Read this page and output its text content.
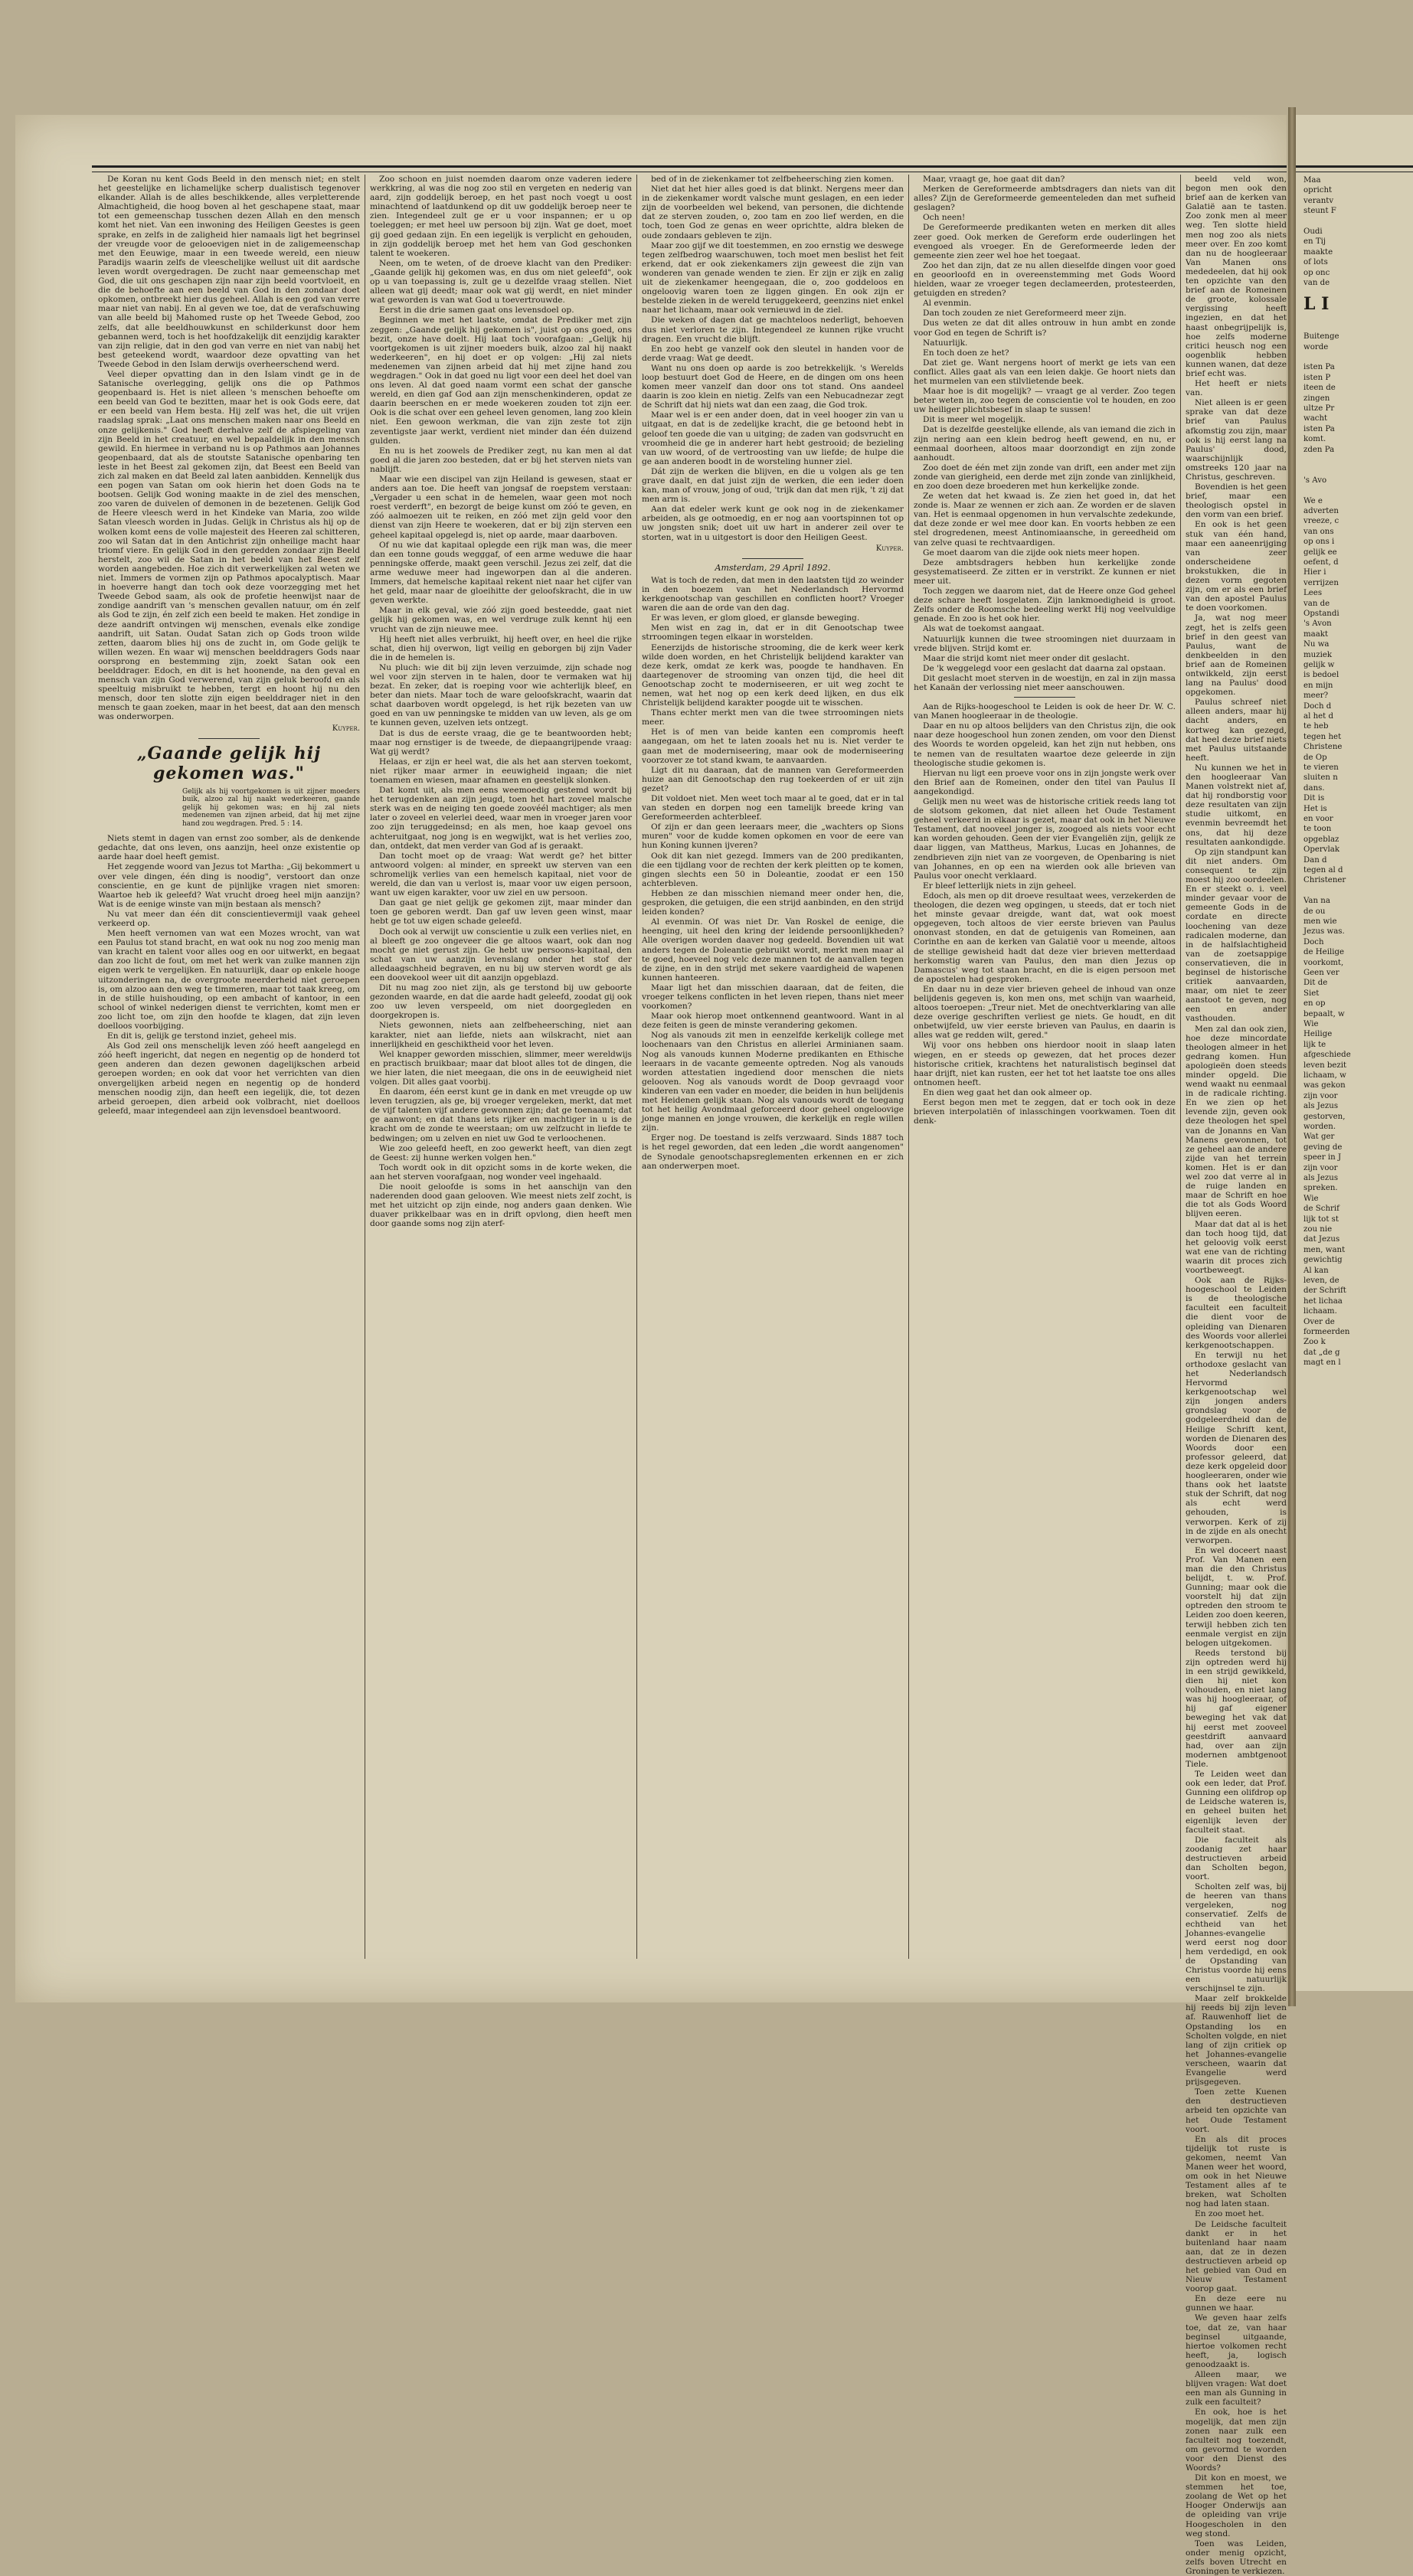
Maa
opricht
verantv
steunt F
Oudi
en Tij
maakte
of lots
op onc
van de
L I
Buitenge
worde
isten Pa
isten P
iteen de
zingen
ultze Pr
wacht
isten Pa
komt.
zden Pa
's Avo
We e
adverten
vreeze, c
van ons
op ons i
gelijk ee
oefent, d
Hier i
verrijzen
Lees
van de
Opstandi
's Avon
maakt
Nu wa
muziek
gelijk w
is bedoel
en mijn
meer?
Doch d
al het d
te heb
tegen het
Christene
de Op
te vieren
sluiten n
dans.
Dit is
Het is
en voor
te toon
opgeblaz
Opervlak
Dan d
tegen al d
Christener
Van na
de ou
men wie
Jezus was.
Doch
de Heilige
voorkomt,
Geen ver
Dit de
Siet
en op
bepaalt, w
Wie
Heilige
lijk te
afgeschiede
leven bezit
lichaam, w
was gekon
zijn voor
als Jezus
gestorven,
worden.
Wat ger
geving de
speer in J
zijn voor
als Jezus
spreken.
Wie
de Schrif
lijk tot st
zou nie
dat Jezus
men, want
gewichtig
Al kan
leven, de
der Schrift
het lichaa
lichaam.
Over de
formeerden
Zoo k
dat „de g
magt en l

De Koran nu kent Gods Beeld in den mensch niet; en stelt het geestelijke en lichamelijke scherp dualistisch tegenover elkander. Allah is de alles beschikkende, alles verpletterende Almachtigheid, die hoog boven al het geschapene staat, maar tot een gemeenschap tusschen dezen Allah en den mensch komt het niet. Van een inwoning des Heiligen Geestes is geen sprake, en zelfs in de zaligheid hier namaals ligt het begrinsel der vreugde voor de gelooevigen niet in de zaligemeenschap met den Eeuwige, maar in een tweede wereld, een nieuw Paradijs waarin zelfs de vleeschelijke wellust uit dit aardsche leven wordt overgedragen. De zucht naar gemeenschap met God, die uit ons geschapen zijn naar zijn beeld voortvloeit, en die de behoefte aan een beeld van God in den zondaar doet opkomen, ontbreekt hier dus geheel. Allah is een god van verre maar niet van nabij. En al geven we toe, dat de verafschuwing van alle beeld bij Mahomed ruste op het Tweede Gebod, zoo zelfs, dat alle beeldhouwkunst en schilderkunst door hem gebannen werd, toch is het hoofdzakelijk dit eenzijdig karakter van zijn religie, dat in den god van verre en niet van nabij het best geteekend wordt, waardoor deze opvatting van het Tweede Gebod in den Islam derwijs overheerschend werd.

Veel dieper opvatting dan in den Islam vindt ge in de Satanische overlegging, gelijk ons die op Pathmos geopenbaard is. Het is niet alleen 's menschen behoefte om een beeld van God te bezitten, maar het is ook Gods eere, dat er een beeld van Hem besta. Hij zelf was het, die uit vrijen raadslag sprak: „Laat ons menschen maken naar ons Beeld en onze gelijkenis." God heeft derhalve zelf de afspiegeling van zijn Beeld in het creatuur, en wel bepaaldelijk in den mensch gewild. En hiermee in verband nu is op Pathmos aan Johannes geopenbaard, dat als de stoutste Satanische openbaring ten leste in het Beest zal gekomen zijn, dat Beest een Beeld van zich zal maken en dat Beeld zal laten aanbidden. Kennelijk dus een pogen van Satan om ook hierin het doen Gods na te bootsen. Gelijk God woning maakte in de ziel des menschen, zoo varen de duivelen of demonen in de bezetenen. Gelijk God de Heere vleesch werd in het Kindeke van Maria, zoo wilde Satan vleesch worden in Judas. Gelijk in Christus als hij op de wolken komt eens de volle majesteit des Heeren zal schitteren, zoo wil Satan dat in den Antichrist zijn onheilige macht haar triomf viere. En gelijk God in den geredden zondaar zijn Beeld herstelt, zoo wil de Satan in het beeld van het Beest zelf worden aangebeden. Hoe zich dit verwerkelijken zal weten we niet. Immers de vormen zijn op Pathmos apocalyptisch. Maar in hoeverre hangt dan toch ook deze voorzegging met het Tweede Gebod saam, als ook de profetie heenwijst naar de zondige aandrift van 's menschen gevallen natuur, om én zelf als God te zijn, én zelf zich een beeld te maken. Het zondige in deze aandrift ontvingen wij menschen, evenals elke zondige aandrift, uit Satan. Oudat Satan zich op Gods troon wilde zetten, daarom blies hij ons de zucht in, om Gode gelijk te willen wezen. En waar wij menschen beelddragers Gods naar oorsprong en bestemming zijn, zoekt Satan ook een beelddrager. Edoch, en dit is het hoonende, na den geval en mensch van zijn God verwerend, van zijn geluk beroofd en als speeltuig misbruikt te hebben, tergt en hoont hij nu den mensch, door ten slotte zijn eigen beelddrager niet in den mensch te gaan zoeken, maar in het beest, dat aan den mensch was onderworpen.

Kuyper.

„Gaande gelijk hij gekomen was."
Gelijk als hij voortgekomen is uit zijner moeders buik, alzoo zal hij naakt wederkeeren, gaande gelijk hij gekomen was; en hij zal niets medenemen van zijnen arbeid, dat hij met zijne hand zou wegdragen. Pred. 5 : 14.

Niets stemt in dagen van ernst zoo somber, als de denkende gedachte, dat ons leven, ons aanzijn, heel onze existentie op aarde haar doel heeft gemist.

Het zeggende woord van Jezus tot Martha: „Gij bekommert u over vele dingen, één ding is noodig", verstoort dan onze conscientie, en ge kunt de pijnlijke vragen niet smoren: Waartoe heb ik geleefd? Wat vrucht droeg heel mijn aanzijn? Wat is de eenige winste van mijn bestaan als mensch?

Nu vat meer dan één dit conscientievermijl vaak geheel verkeerd op.

Men heeft vernomen van wat een Mozes wrocht, van wat een Paulus tot stand bracht, en wat ook nu nog zoo menig man van kracht en talent voor alles oog en oor uitwerkt, en begaat dan zoo licht de fout, om met het werk van zulke mannen zijn eigen werk te vergelijken. En natuurlijk, daar op enkele hooge uitzonderingen na, de overgroote meerderheid niet geroepen is, om alzoo aan den weg te timmeren, maar tot taak kreeg, om in de stille huishouding, op een ambacht of kantoor, in een school of winkel nederigen dienst te verrichten, komt men er zoo licht toe, om zijn den hoofde te klagen, dat zijn leven doelloos voorbijging.

En dit is, gelijk ge terstond inziet, geheel mis.

Als God zeil ons menschelijk leven zóó heeft aangelegd en zóó heeft ingericht, dat negen en negentig op de honderd tot geen anderen dan dezen gewonen dagelijkschen arbeid geroepen worden; en ook dat voor het verrichten van dien onvergelijken arbeid negen en negentig op de honderd menschen noodig zijn, dan heeft een iegelijk, die, tot dezen arbeid geroepen, dien arbeid ook volbracht, niet doelloos geleefd, maar integendeel aan zijn levensdoel beantwoord.

Zoo schoon en juist noemden daarom onze vaderen iedere werkkring, al was die nog zoo stil en vergeten en nederig van aard, zijn goddelijk beroep, en het past noch voegt u oost minachtend of laatdunkend op dit uw goddelijk beroep neer te zien. Integendeel zult ge er u voor inspannen; er u op toeleggen; er met heel uw persoon bij zijn. Wat ge doet, moet gij goed gedaan zijn. En een iegelijk is verplicht en gehouden, in zijn goddelijk beroep met het hem van God geschonken talent te woekeren.

Neen, om te weten, of de droeve klacht van den Prediker: „Gaande gelijk hij gekomen was, en dus om niet geleefd", ook op u van toepassing is, zult ge u dezelfde vraag stellen. Niet alleen wat gij deedt; maar ook wat gij werdt, en niet minder wat geworden is van wat God u toevertrouwde.

Eerst in die drie samen gaat ons levensdoel op.

Beginnen we met het laatste, omdat de Prediker met zijn zeggen: „Gaande gelijk hij gekomen is", juist op ons goed, ons bezit, onze have doelt. Hij laat toch voorafgaan: „Gelijk hij voortgekomen is uit zijner moeders buik, alzoo zal hij naakt wederkeeren", en hij doet er op volgen: „Hij zal niets medenemen van zijnen arbeid dat hij met zijne hand zou wegdragen." Ook in dat goed nu ligt voor een deel het doel van ons leven. Al dat goed naam vormt een schat der gansche wereld, en dien gaf God aan zijn menschenkinderen, opdat ze daarin beerschen en er mede woekeren zouden tot zijn eer. Ook is die schat over een geheel leven genomen, lang zoo klein niet. Een gewoon werkman, die van zijn zeste tot zijn zeventigste jaar werkt, verdient niet minder dan één duizend gulden.

En nu is het zoowels de Prediker zegt, nu kan men al dat goed al die jaren zoo besteden, dat er bij het sterven niets van nablijft.

Maar wie een discipel van zijn Heiland is gewesen, staat er anders aan toe. Die heeft van jongsaf de roepstem verstaan: „Vergader u een schat in de hemelen, waar geen mot noch roest verderft", en bezorgt de beige kunst om zóó te geven, en zóó aalmoezen uit te reiken, en zóó met zijn geld voor den dienst van zijn Heere te woekeren, dat er bij zijn sterven een geheel kapitaal opgelegd is, niet op aarde, maar daarboven.

Of nu wie dat kapitaal oplegde een rijk man was, die meer dan een tonne gouds wegggaf, of een arme weduwe die haar penningske offerde, maakt geen verschil. Jezus zei zelf, dat die arme weduwe meer had ingeworpen dan al die anderen. Immers, dat hemelsche kapitaal rekent niet naar het cijfer van het geld, maar naar de gloeihitte der geloofskracht, die in uw geven werkte.

Maar in elk geval, wie zóó zijn goed besteedde, gaat niet gelijk hij gekomen was, en wel verdruge zulk kennt hij een vrucht van de zijn nieuwe mee.

Hij heeft niet alles verbruikt, hij heeft over, en heel die rijke schat, dien hij overwon, ligt veilig en geborgen bij zijn Vader die in de hemelen is.

Nu pluch: wie dit bij zijn leven verzuimde, zijn schade nog wel voor zijn sterven in te halen, door te vermaken wat hij bezat. En zeker, dat is roeping voor wie achterlijk bleef, en beter dan niets. Maar toch de ware geloofskracht, waarin dat schat daarboven wordt opgelegd, is het rijk bezeten van uw goed en van uw penningske te midden van uw leven, als ge om te kunnen geven, uzelven iets ontzegt.

Dat is dus de eerste vraag, die ge te beantwoorden hebt; maar nog ernstiger is de tweede, de diepaangrijpende vraag: Wat gij werdt?

Helaas, er zijn er heel wat, die als het aan sterven toekomt, niet rijker maar armer in eeuwigheid ingaan; die niet toenamen en wiesen, maar afnamen en geestelijk slonken.

Dat komt uit, als men eens weemoedig gestemd wordt bij het terugdenken aan zijn jeugd, toen het hart zoveel malsche sterk was en de neiging ten goede zoovéél machtiger; als men later o zoveel en velerlei deed, waar men in vroeger jaren voor zoo zijn teruggedeinsd; en als men, hoe kaap gevoel ons achteruitgaat, nog jong is en wegwijkt, wat is het verlies zoo, dan, ontdekt, dat men verder van God af is geraakt.

Dan tocht moet op de vraag: Wat werdt ge? het bitter antwoord volgen: al minder, en spreekt uw sterven van een schromelijk verlies van een hemelsch kapitaal, niet voor de wereld, die dan van u verlost is, maar voor uw eigen persoon, want uw eigen karakter, voor uw ziel en uw persoon.

Dan gaat ge niet gelijk ge gekomen zijt, maar minder dan toen ge geboren werdt. Dan gaf uw leven geen winst, maar hebt ge tot uw eigen schade geleefd.

Doch ook al verwijt uw conscientie u zulk een verlies niet, en al bleeft ge zoo ongeveer die ge altoos waart, ook dan nog mocht ge niet gerust zijn. Ge hebt uw persoons-kapitaal, den schat van uw aanzijn levenslang onder het stof der alledaagschheid begraven, en nu bij uw sterven wordt ge als een doovekool weer uit dit aanzijn opgeblazd.

Dit nu mag zoo niet zijn, als ge terstond bij uw geboorte gezonden waarde, en dat die aarde hadt geleefd, zoodat gij ook zoo uw leven verspeeld, om niet doorgegleden en doorgekropen is.

Niets gewonnen, niets aan zelfbeheersching, niet aan karakter, niet aan liefde, niets aan wilskracht, niet aan innerlijkheid en geschiktheid voor het leven.

Wel knapper geworden misschien, slimmer, meer wereldwijs en practisch bruikbaar; maar dat bloot alles tot de dingen, die we hier laten, die niet meegaan, die ons in de eeuwigheid niet volgen. Dit alles gaat voorbij.

En daarom, één eerst kunt ge in dank en met vreugde op uw leven terugzien, als ge, bij vroeger vergeleken, merkt, dat met de vijf talenten vijf andere gewonnen zijn; dat ge toenaamt; dat ge aanwont; en dat thans iets rijker en machtiger in u is de kracht om de zonde te weerstaan; om uw zelfzucht in liefde te bedwingen; om u zelven en niet uw God te verloochenen.

Wie zoo geleefd heeft, en zoo gewerkt heeft, van dien zegt de Geest: zij hunne werken volgen hen."

Toch wordt ook in dit opzicht soms in de korte weken, die aan het sterven voorafgaan, nog wonder veel ingehaald.

Die nooit geloofde is soms in het aanschijn van den naderenden dood gaan gelooven. Wie meest niets zelf zocht, is met het uitzicht op zijn einde, nog anders gaan denken. Wie duaver prikkelbaar was en in drift opvlong, dien heeft men door gaande soms nog zijn aterf-

bed of in de ziekenkamer tot zelfbeheersching zien komen.

Niet dat het hier alles goed is dat blinkt. Nergens meer dan in de ziekenkamer wordt valsche munt geslagen, en een ieder zijn de voorbeelden wel bekend, van personen, die dichtende dat ze sterven zouden, o, zoo tam en zoo lief werden, en die toch, toen God ze genas en weer oprichtte, aldra bleken de oude zondaars gebleven te zijn.

Maar zoo gijf we dit toestemmen, en zoo ernstig we deswege tegen zelfbedrog waarschuwen, toch moet men beslist het feit erkend, dat er ook ziekenkamers zijn geweest die zijn van wonderen van genade wenden te zien. Er zijn er zijk en zalig uit de ziekenkamer heengegaan, die o, zoo goddeloos en ongeloovig waren toen ze liggen gingen. En ook zijn er bestelde zieken in de wereld teruggekeerd, geenzins niet enkel naar het lichaam, maar ook vernieuwd in de ziel.

Die weken of dagen dat ge machteloos nederligt, behoeven dus niet verloren te zijn. Integendeel ze kunnen rijke vrucht dragen. Een vrucht die blijft.

En zoo hebt ge vanzelf ook den sleutel in handen voor de derde vraag: Wat ge deedt.

Want nu ons doen op aarde is zoo betrekkelijk. 's Werelds loop bestuurt doet God de Heere, en de dingen om ons heen komen meer vanzelf dan door ons tot stand. Ons aandeel daarin is zoo klein en nietig. Zelfs van een Nebucadnezar zegt de Schrift dat hij niets wat dan een zaag, die God trok.

Maar wel is er een ander doen, dat in veel hooger zin van u uitgaat, en dat is de zedelijke kracht, die ge betoond hebt in geloof ten goede die van u uitging; de zaden van godsvrucht en vroomheid die ge in anderer hart hebt gestrooid; de bezieling van uw woord, of de vertroosting van uw liefde; de hulpe die ge aan anderen boodt in de worsteling hunner ziel.

Dát zijn de werken die blijven, en die u volgen als ge ten grave daalt, en dat juist zijn de werken, die een ieder doen kan, man of vrouw, jong of oud, 'trijk dan dat men rijk, 't zij dat men arm is.

Aan dat edeler werk kunt ge ook nog in de ziekenkamer arbeiden, als ge ootmoedig, en er nog aan voortspinnen tot op uw jongsten snik; doet uit uw hart in anderer zeil over te storten, wat in u uitgestort is door den Heiligen Geest.

Kuyper.

Amsterdam, 29 April 1892.

Wat is toch de reden, dat men in den laatsten tijd zo weinder in den boezem van het Nederlandsch Hervormd kerkgenootschap van geschillen en conflicten hoort? Vroeger waren die aan de orde van den dag.

Er was leven, er glom gloed, er glansde beweging.

Men wist en zag in, dat er in dit Genootschap twee strroomingen tegen elkaar in worstelden.

Eenerzijds de historische strooming, die de kerk weer kerk wilde doen worden, en het Christelijk belijdend karakter van deze kerk, omdat ze kerk was, poogde te handhaven. En daartegenover de strooming van onzen tijd, die heel dit Genootschap zocht te moderniseeren, er uit weg zocht te nemen, wat het nog op een kerk deed lijken, en dus elk Christelijk belijdend karakter poogde uit te wisschen.

Thans echter merkt men van die twee strroomingen niets meer.

Het is of men van beide kanten een compromis heeft aangegaan, om het te laten zooals het nu is. Niet verder te gaan met de moderniseering, maar ook de moderniseering voorzover ze tot stand kwam, te aanvaarden.

Ligt dit nu daaraan, dat de mannen van Gereformeerden huize aan dit Genootschap den rug toekeerden of er uit zijn gezet?

Dit voldoet niet. Men weet toch maar al te goed, dat er in tal van steden en dorpen nog een tamelijk breede kring van Gereformeerden achterbleef.

Of zijn er dan geen leeraars meer, die „wachters op Sions muren" voor de kudde komen opkomen en voor de eere van hun Koning kunnen ijveren?

Ook dit kan niet gezegd. Immers van de 200 predikanten, die een tijdlang voor de rechten der kerk pleitten op te komen, gingen slechts een 50 in Doleantie, zoodat er een 150 achterbleven.

Hebben ze dan misschien niemand meer onder hen, die, gesproken, die getuigen, die een strijd aanbinden, en den strijd leiden konden?

Al evenmin. Of was niet Dr. Van Roskel de eenige, die heenging, uit heel den kring der leidende persoonlijkheden? Alle overigen worden daaver nog gedeeld. Bovendien uit wat anders tegen de Doleantie gebruikt wordt, merkt men maar al te goed, hoeveel nog velc deze mannen tot de aanvallen tegen de zijne, en in den strijd met sekere vaardigheid de wapenen kunnen hanteeren.

Maar ligt het dan misschien daaraan, dat de feiten, die vroeger telkens conflicten in het leven riepen, thans niet meer voorkomen?

Maar ook hierop moet ontkennend geantwoord. Want in al deze feiten is geen de minste verandering gekomen.

Nog als vanouds zit men in eenzelfde kerkelijk college met loochenaars van den Christus en allerlei Arminianen saam. Nog als vanouds kunnen Moderne predikanten en Ethische leeraars in de vacante gemeente optreden. Nog als vanouds worden attestatien ingediend door menschen die niets gelooven. Nog als vanouds wordt de Doop gevraagd voor kinderen van een vader en moeder, die beiden in hun belijdenis met Heidenen gelijk staan. Nog als vanouds wordt de toegang tot het heilig Avondmaal geforceerd door geheel ongeloovige jonge mannen en jonge vrouwen, die kerkelijk en regle willen zijn.

Erger nog. De toestand is zelfs verzwaard. Sinds 1887 toch is het regel geworden, dat een leden „die wordt aangenomen" de Synodale genootschapsreglementen erkennen en er zich aan onderwerpen moet.

Maar, vraagt ge, hoe gaat dit dan?

Merken de Gereformeerde ambtsdragers dan niets van dit alles? Zijn de Gereformeerde gemeenteleden dan met sufheid geslagen?

Och neen!

De Gereformeerde predikanten weten en merken dit alles zeer goed. Ook merken de Gereform erde ouderlingen het evengoed als vroeger. En de Gereformeerde leden der gemeente zien zeer wel hoe het toegaat.

Zoo het dan zijn, dat ze nu allen dieselfde dingen voor goed en geoorloofd en in overeenstemming met Gods Woord hielden, waar ze vroeger tegen declameerden, protesteerden, getuigden en streden?

Al evenmin.

Dan toch zouden ze niet Gereformeerd meer zijn.

Dus weten ze dat dit alles ontrouw in hun ambt en zonde voor God en tegen de Schrift is?

Natuurlijk.

En toch doen ze het?

Dat ziet ge. Want nergens hoort of merkt ge iets van een conflict. Alles gaat als van een leien dakje. Ge hoort niets dan het murmelen van een stilvlietende beek.

Maar hoe is dit mogelijk? — vraagt ge al verder. Zoo tegen beter weten in, zoo tegen de conscientie vol te houden, en zoo uw heiliger plichtsbesef in slaap te sussen!

Dit is meer wel mogelijk.

Dat is dezelfde geestelijke ellende, als van iemand die zich in zijn nering aan een klein bedrog heeft gewend, en nu, er eenmaal doorheen, altoos maar doorzondigt en zijn zonde aanhoudt.

Zoo doet de één met zijn zonde van drift, een ander met zijn zonde van gierigheid, een derde met zijn zonde van zinlijkheid, en zoo doen deze broederen met hun kerkelijke zonde.

Ze weten dat het kwaad is. Ze zien het goed in, dat het zonde is. Maar ze wennen er zich aan. Ze worden er de slaven van. Het is eenmaal opgenomen in hun vervalschte zedekunde, dat deze zonde er wel mee door kan. En voorts hebben ze een stel drogredenen, meest Antinomiaansche, in gereedheid om van zelve quasi te rechtvaardigen.

Ge moet daarom van die zijde ook niets meer hopen.

Deze ambtsdragers hebben hun kerkelijke zonde gesystematiseerd. Ze zitten er in verstrikt. Ze kunnen er niet meer uit.

Toch zeggen we daarom niet, dat de Heere onze God geheel deze schare heeft losgelaten. Zijn lankmoedigheid is groot. Zelfs onder de Roomsche bedeeling werkt Hij nog veelvuldige genade. En zoo is het ook hier.

Als wat de toekomst aangaat.

Natuurlijk kunnen die twee stroomingen niet duurzaam in vrede blijven. Strijd komt er.

Maar die strijd komt niet meer onder dit geslacht.

De 'k weggelegd voor een geslacht dat daarna zal opstaan.

Dit geslacht moet sterven in de woestijn, en zal in zijn massa het Kanaän der verlossing niet meer aanschouwen.

Aan de Rijks-hoogeschool te Leiden is ook de heer Dr. W. C. van Manen hoogleeraar in de theologie.

Daar en nu op altoos belijders van den Christus zijn, die ook naar deze hoogeschool hun zonen zenden, om voor den Dienst des Woords te worden opgeleid, kan het zijn nut hebben, ons te nemen van de resultaten waartoe deze geleerde in zijn theologische studie gekomen is.

Hiervan nu ligt een proeve voor ons in zijn jongste werk over den Brief aan de Romeinen, onder den titel van Paulus II aangekondigd.

Gelijk men nu weet was de historische critiek reeds lang tot de slotsom gekomen, dat niet alleen het Oude Testament geheel verkeerd in elkaar is gezet, maar dat ook in het Nieuwe Testament, dat nooveel jonger is, zoogoed als niets voor echt kan worden gehouden. Geen der vier Evangeliën zijn, gelijk ze daar liggen, van Mattheus, Markus, Lucas en Johannes, de zendbrieven zijn niet van ze voorgeven, de Openbaring is niet van Johannes, en op een na wierden ook alle brieven van Paulus voor onecht verklaard.

Er bleef letterlijk niets in zijn geheel.

Edoch, als men op dit droeve resultaat wees, verzekerden de theologen, die dezen weg opgingen, u steeds, dat er toch niet het minste gevaar dreigde, want dat, wat ook moest opgegeven, toch altoos de vier eerste brieven van Paulus ononvast stonden, en dat de getuigenis van Romeinen, aan Corinthe en aan de kerken van Galatië voor u meende, altoos de stellige gewisheid hadt dat deze vier brieven metterdaad herkomstig waren van Paulus, den man dien Jezus op Damascus' weg tot staan bracht, en die is eigen persoon met de apostelen had gesproken.

En daar nu in deze vier brieven geheel de inhoud van onze belijdenis gegeven is, kon men ons, met schijn van waarheid, altoos toeroepen: „Treur niet. Met de onechtverklaring van alle deze overige geschriften verliest ge niets. Ge houdt, en dit onbetwijfeld, uw vier eerste brieven van Paulus, en daarin is alles wat ge redden wilt, gered."

Wij voor ons hebben ons hierdoor nooit in slaap laten wiegen, en er steeds op gewezen, dat het proces dezer historische critiek, krachtens het naturalistisch beginsel dat haar drijft, niet kan rusten, eer het tot het laatste toe ons alles ontnomen heeft.

En dien weg gaat het dan ook almeer op.

Eerst begon men met te zeggen, dat er toch ook in deze brieven interpolatiën of inlasschingen voorkwamen. Toen dit denk-

beeld veld won, begon men ook den brief aan de kerken van Galatië aan te tasten. Zoo zonk men al meer weg. Ten slotte hield men nog zoo als niets meer over. En zoo komt dan nu de hoogleeraar Van Manen ons mededeelen, dat hij ook ten opzichte van den brief aan de Romeinen de groote, kolossale vergissing heeft ingezien, en dat het haast onbegrijpelijk is, hoe zelfs moderne critici heusch nog een oogenblik hebben kunnen wanen, dat deze brief echt was.

Het heeft er niets van.

Niet alleen is er geen sprake van dat deze brief van Paulus afkomstig zou zijn, maar ook is hij eerst lang na Paulus' dood, waarschijnlijk omstreeks 120 jaar na Christus, geschreven.

Bovendien is het geen brief, maar een theologisch opstel in den vorm van een brief.

En ook is het geen stuk van één hand, maar een aaneenrijging van zeer onderscheidene brokstukken, die in dezen vorm gegoten zijn, om er als een brief van den apostel Paulus te doen voorkomen.

Ja, wat nog meer zegt, het is zelfs geen brief in den geest van Paulus, want de denkbeelden in den brief aan de Romeinen ontwikkeld, zijn eerst lang na Paulus' dood opgekomen.

Paulus schreef niet alleen anders, maar hij dacht anders, en kortweg kan gezegd, dat heel deze brief niets met Paulus uitstaande heeft.

Nu kunnen we het in den hoogleeraar Van Manen volstrekt niet af, dat hij rondborstig voor deze resultaten van zijn studie uitkomt, en evenmin bevreemdt het ons, dat hij deze resultaten aankondigde.

Op zijn standpunt kan dit niet anders. Om consequent te zijn moest hij zoo oordeelen. En er steekt o. i. veel minder gevaar voor de gemeente Gods in de cordate en directe loochening van deze radicalen moderne, dan in de halfslachtigheid van de zoetsappige conservatieven, die in beginsel de historische critiek aanvaarden, maar, om niet te zeer aanstoot te geven, nog een en ander vasthouden.

Men zal dan ook zien, hoe deze mincordate theologen almeer in het gedrang komen. Hun apologieën doen steeds minder opgeld. Die wend waakt nu eenmaal in de radicale richting. En we zien op het levende zijn, geven ook deze theologen het spel van de Jonanns en Van Manens gewonnen, tot ze geheel aan de andere zijde van het terrein komen. Het is er dan wel zoo dat verre al in de ruige landen en maar de Schrift en hoe die tot als Gods Woord blijven eeren.

Maar dat dat al is het dan toch hoog tijd, dat het geloovig volk eerst wat ene van de richting waarin dit proces zich voortbeweegt.

Ook aan de Rijks-hoogeschool te Leiden is de theologische faculteit een faculteit die dient voor de opleiding van Dienaren des Woords voor allerlei kerkgenootschappen.

En terwijl nu het orthodoxe geslacht van het Nederlandsch Hervormd kerkgenootschap wel zijn jongen anders grondslag voor de godgeleerdheid dan de Heilige Schrift kent, worden de Dienaren des Woords door een professor geleerd, dat deze kerk opgeleid door hoogleeraren, onder wie thans ook het laatste stuk der Schrift, dat nog als echt werd gehouden, is verworpen. Kerk of zij in de zijde en als onecht verworpen.

En wel doceert naast Prof. Van Manen een man die den Christus belijdt, t. w. Prof. Gunning; maar ook die voorstelt hij dat zijn optreden den stroom te Leiden zoo doen keeren, terwijl hebben zich ten eenmale vergist en zijn belogen uitgekomen.

Reeds terstond bij zijn optreden werd hij in een strijd gewikkeld, dien hij niet kon volhouden, en niet lang was hij hoogleeraar, of hij gaf eigener beweging het vak dat hij eerst met zooveel geestdrift aanvaard had, over aan zijn modernen ambtgenoot Tiele.

Te Leiden weet dan ook een leder, dat Prof. Gunning een olifdrop op de Leidsche wateren is, en geheel buiten het eigenlijk leven der faculteit staat.

Die faculteit als zoodanig zet haar destructieven arbeid dan Scholten begon, voort.

Scholten zelf was, bij de heeren van thans vergeleken, nog conservatief. Zelfs de echtheid van het Johannes-evangelie werd eerst nog door hem verdedigd, en ook de Opstanding van Christus voorde hij eens een natuurlijk verschijnsel te zijn.

Maar zelf brokkelde hij reeds bij zijn leven af. Rauwenhoff liet de Opstanding los en Scholten volgde, en niet lang of zijn critiek op het Johannes-evangelie verscheen, waarin dat Evangelie werd prijsgegeven.

Toen zette Kuenen den destructieven arbeid ten opzichte van het Oude Testament voort.

En als dit proces tijdelijk tot ruste is gekomen, neemt Van Manen weer het woord, om ook in het Nieuwe Testament alles af te breken, wat Scholten nog had laten staan.

En zoo moet het.

De Leidsche faculteit dankt er in het buitenland haar naam aan, dat ze in dezen destructieven arbeid op het gebied van Oud en Nieuw Testament voorop gaat.

En deze eere nu gunnen we haar.

We geven haar zelfs toe, dat ze, van haar beginsel uitgaande, hiertoe volkomen recht heeft, ja, logisch genoodzaakt is.

Alleen maar, we blijven vragen: Wat doet een man als Gunning in zulk een faculteit?

En ook, hoe is het mogelijk, dat men zijn zonen naar zulk een faculteit nog toezendt, om gevormd te worden voor den Dienst des Woords?

Dit kon en moest, we stemmen het toe, zoolang de Wet op het Hooger Onderwijs aan de opleiding van vrije Hoogescholen in den weg stond.

Toen was Leiden, onder menig opzicht, zelfs boven Utrecht en Groningen te verkiezen.
